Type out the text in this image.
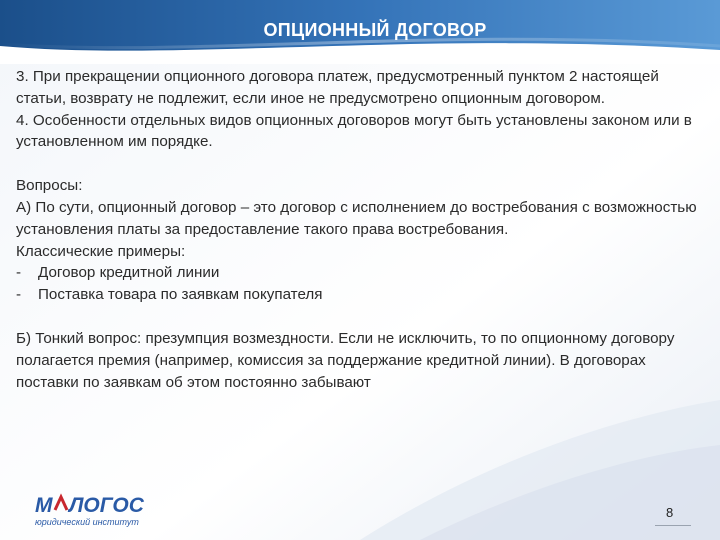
ОПЦИОННЫЙ ДОГОВОР

3. При прекращении опционного договора платеж, предусмотренный пунктом 2 настоящей статьи, возврату не подлежит, если иное не предусмотрено опционным договором.

4. Особенности отдельных видов опционных договоров могут быть установлены законом или в установленном им порядке.

Вопросы:

А) По сути, опционный договор – это договор с исполнением до востребования с возможностью установления платы за предоставление такого права востребования.

Классические примеры:

-	Договор кредитной линии
-	Поставка товара по заявкам покупателя

Б) Тонкий вопрос: презумпция возмездности. Если не исключить, то по опционному договору полагается премия (например, комиссия за поддержание кредитной линии). В договорах поставки по заявкам об этом постоянно забывают

М ЛОГОС
юридический институт
8
